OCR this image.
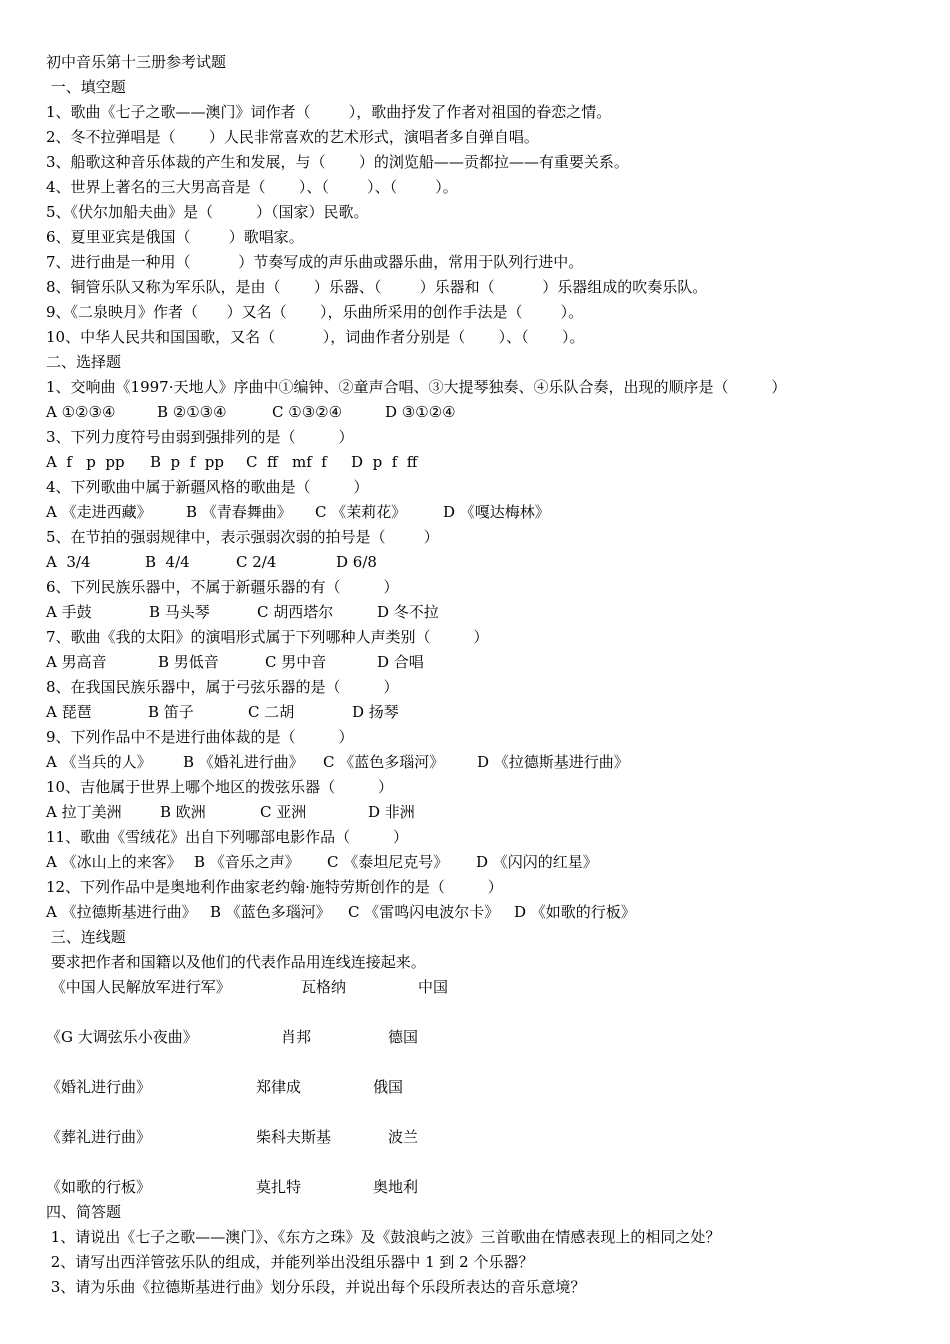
初中音乐第十三册参考试题

一、填空题

1、歌曲《七子之歌——澳门》词作者（        ），歌曲抒发了作者对祖国的眷恋之情。

2、冬不拉弹唱是（       ）人民非常喜欢的艺术形式，演唱者多自弹自唱。

3、船歌这种音乐体裁的产生和发展，与（       ）的浏览船——贡都拉——有重要关系。

4、世界上著名的三大男高音是（       ）、（        ）、（        ）。

5、《伏尔加船夫曲》是（         ）（国家）民歌。

6、夏里亚宾是俄国（        ）歌唱家。

7、进行曲是一种用（          ）节奏写成的声乐曲或器乐曲，常用于队列行进中。

8、铜管乐队又称为军乐队，是由（       ）乐器、（        ）乐器和（          ）乐器组成的吹奏乐队。

9、《二泉映月》作者（      ）又名（       ），乐曲所采用的创作手法是（        ）。

10、中华人民共和国国歌，又名（          ），词曲作者分别是（       ）、（       ）。

二、选择题

1、交响曲《1997·天地人》序曲中①编钟、②童声合唱、③大提琴独奏、④乐队合奏，出现的顺序是（         ）

A ①②③④	B ②①③④	C ①③②④	D ③①②④

3、下列力度符号由弱到强排列的是（         ）

A  f   p  pp B  p  f  pp C  ff   mf  f D  p  f  ff

4、下列歌曲中属于新疆风格的歌曲是（         ）

A 《走进西藏》 B 《青春舞曲》 C 《茉莉花》 D 《嘎达梅林》

5、在节拍的强弱规律中，表示强弱次弱的拍号是（        ）

A  3/4	B  4/4	C 2/4	D 6/8

6、下列民族乐器中，不属于新疆乐器的有（         ）

A 手鼓	B 马头琴	C 胡西塔尔	D 冬不拉

7、歌曲《我的太阳》的演唱形式属于下列哪种人声类别（         ）

A 男高音	B 男低音	C 男中音	D 合唱

8、在我国民族乐器中，属于弓弦乐器的是（         ）

A 琵琶	B 笛子	C 二胡	D 扬琴

9、下列作品中不是进行曲体裁的是（         ）

A 《当兵的人》 B 《婚礼进行曲》 C 《蓝色多瑙河》 D 《拉德斯基进行曲》

10、吉他属于世界上哪个地区的拨弦乐器（         ）

A 拉丁美洲	B 欧洲	C 亚洲	D 非洲

11、歌曲《雪绒花》出自下列哪部电影作品（         ）

A 《冰山上的来客》 B 《音乐之声》 C 《泰坦尼克号》 D 《闪闪的红星》

12、下列作品中是奥地利作曲家老约翰·施特劳斯创作的是（         ）

A 《拉德斯基进行曲》 B 《蓝色多瑙河》 C 《雷鸣闪电波尔卡》 D 《如歌的行板》

三、连线题

要求把作者和国籍以及他们的代表作品用连线连接起来。

《中国人民解放军进行军》	瓦格纳	中国
《G 大调弦乐小夜曲》	肖邦	德国
《婚礼进行曲》	郑律成	俄国
《葬礼进行曲》	柴科夫斯基	波兰
《如歌的行板》	莫扎特	奥地利

四、简答题

1、请说出《七子之歌——澳门》、《东方之珠》及《鼓浪屿之波》三首歌曲在情感表现上的相同之处？

2、请写出西洋管弦乐队的组成，并能列举出没组乐器中 1 到 2 个乐器？

3、请为乐曲《拉德斯基进行曲》划分乐段，并说出每个乐段所表达的音乐意境？
